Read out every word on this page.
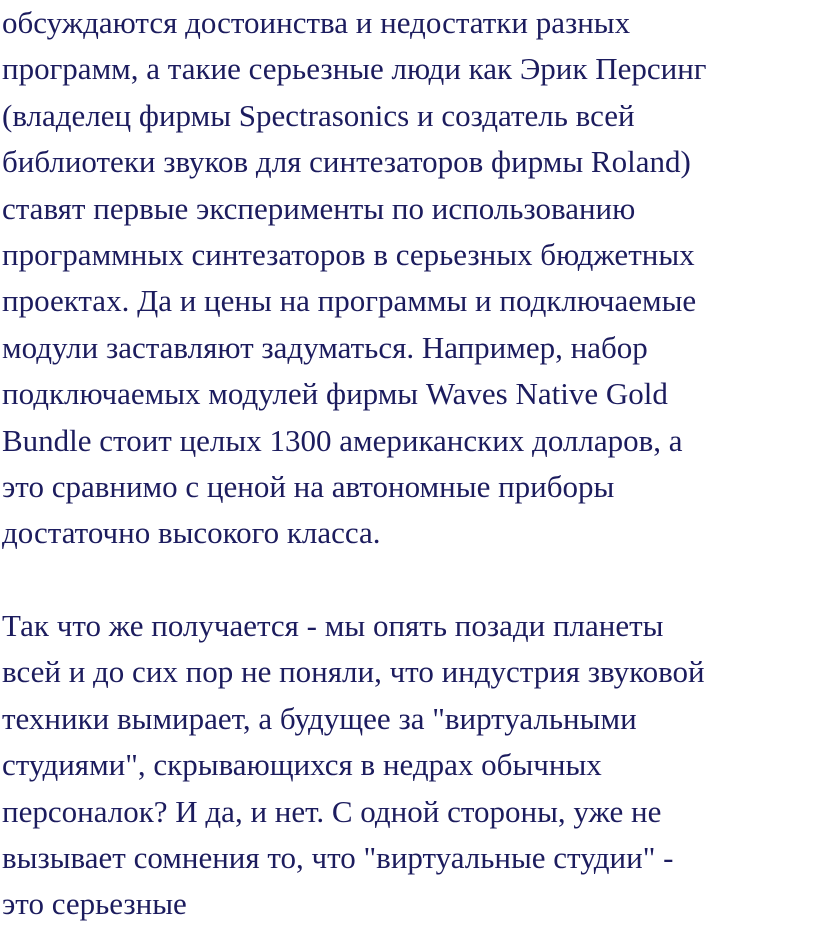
обсуждаются достоинства и недостатки разных
программ, а такие серьезные люди как Эрик Персинг
(владелец фирмы Spectrasonics и создатель всей
библиотеки звуков для синтезаторов фирмы Roland)
ставят первые эксперименты по использованию
программных синтезаторов в серьезных бюджетных
проектах. Да и цены на программы и подключаемые
модули заставляют задуматься. Например, набор
подключаемых модулей фирмы Waves Native Gold
Bundle стоит целых 1300 американских долларов, а
это сравнимо с ценой на автономные приборы
достаточно высокого класса.
Так что же получается - мы опять позади планеты
всей и до сих пор не поняли, что индустрия звуковой
техники вымирает, а будущее за "виртуальными
студиями", скрывающихся в недрах обычных
персоналок? И да, и нет. С одной стороны, уже не
вызывает сомнения то, что "виртуальные студии" -
это серьезные
